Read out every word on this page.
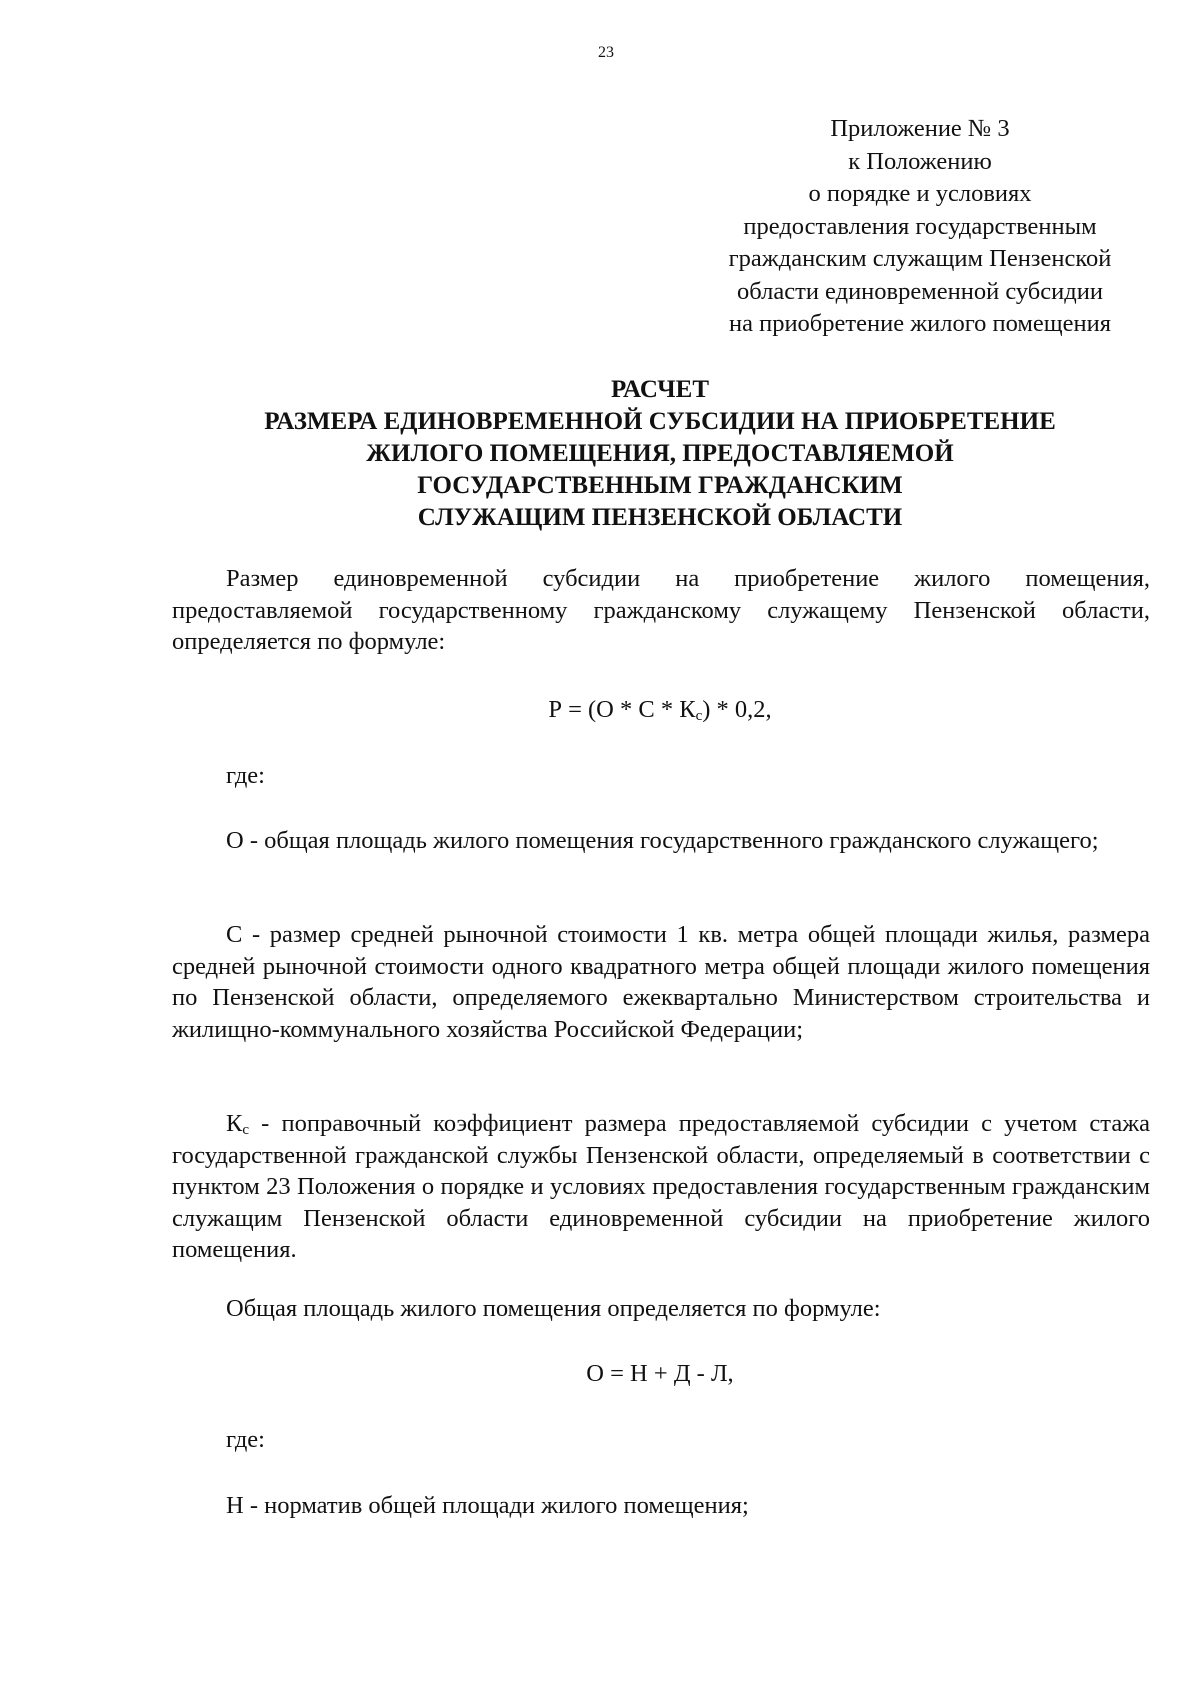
23
Приложение № 3
к Положению
о порядке и условиях
предоставления государственным
гражданским служащим Пензенской
области единовременной субсидии
на приобретение жилого помещения
РАСЧЕТ
РАЗМЕРА ЕДИНОВРЕМЕННОЙ СУБСИДИИ НА ПРИОБРЕТЕНИЕ
ЖИЛОГО ПОМЕЩЕНИЯ, ПРЕДОСТАВЛЯЕМОЙ
ГОСУДАРСТВЕННЫМ ГРАЖДАНСКИМ
СЛУЖАЩИМ ПЕНЗЕНСКОЙ ОБЛАСТИ

Размер единовременной субсидии на приобретение жилого помещения, предоставляемой государственному гражданскому служащему Пензенской области, определяется по формуле:

$Р = (О * С * К_с) * 0,2$,
где:

О - общая площадь жилого помещения государственного гражданского служащего;

С - размер средней рыночной стоимости 1 кв. метра общей площади жилья, размера средней рыночной стоимости одного квадратного метра общей площади жилого помещения по Пензенской области, определяемого ежеквартально Министерством строительства и жилищно-коммунального хозяйства Российской Федерации;

$К_с$ - поправочный коэффициент размера предоставляемой субсидии с учетом стажа государственной гражданской службы Пензенской области, определяемый в соответствии с пунктом 23 Положения о порядке и условиях предоставления государственным гражданским служащим Пензенской области единовременной субсидии на приобретение жилого помещения.

Общая площадь жилого помещения определяется по формуле:

О = Н + Д - Л,
где:
Н - норматив общей площади жилого помещения;
